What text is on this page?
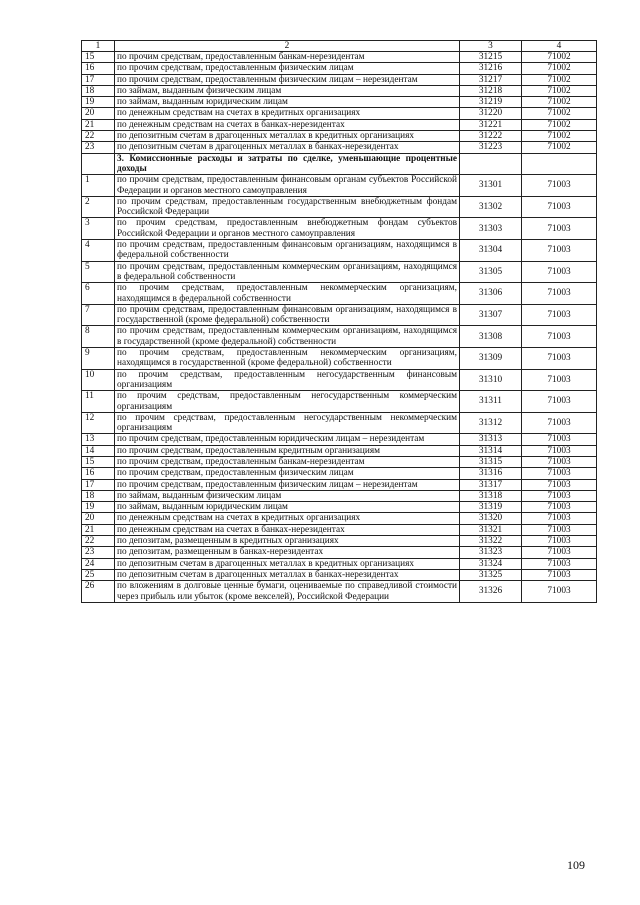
1	2	3	4
15	по прочим средствам, предоставленным банкам-нерезидентам	31215	71002
16	по прочим средствам, предоставленным физическим лицам	31216	71002
17	по прочим средствам, предоставленным физическим лицам – нерезидентам	31217	71002
18	по займам, выданным физическим лицам	31218	71002
19	по займам, выданным юридическим лицам	31219	71002
20	по денежным средствам на счетах в кредитных организациях	31220	71002
21	по денежным средствам на счетах в банках-нерезидентах	31221	71002
22	по депозитным счетам в драгоценных металлах в кредитных организациях	31222	71002
23	по депозитным счетам в драгоценных металлах в банках-нерезидентах	31223	71002
	3. Комиссионные расходы и затраты по сделке, уменьшающие процентные доходы		
1	по прочим средствам, предоставленным финансовым органам субъектов Российской Федерации и органов местного самоуправления	31301	71003
2	по прочим средствам, предоставленным государственным внебюджетным фондам Российской Федерации	31302	71003
3	по прочим средствам, предоставленным внебюджетным фондам субъектов Российской Федерации и органов местного самоуправления	31303	71003
4	по прочим средствам, предоставленным финансовым организациям, находящимся в федеральной собственности	31304	71003
5	по прочим средствам, предоставленным коммерческим организациям, находящимся в федеральной собственности	31305	71003
6	по прочим средствам, предоставленным некоммерческим организациям, находящимся в федеральной собственности	31306	71003
7	по прочим средствам, предоставленным финансовым организациям, находящимся в государственной (кроме федеральной) собственности	31307	71003
8	по прочим средствам, предоставленным коммерческим организациям, находящимся в государственной (кроме федеральной) собственности	31308	71003
9	по прочим средствам, предоставленным некоммерческим организациям, находящимся в государственной (кроме федеральной) собственности	31309	71003
10	по прочим средствам, предоставленным негосударственным финансовым организациям	31310	71003
11	по прочим средствам, предоставленным негосударственным коммерческим организациям	31311	71003
12	по прочим средствам, предоставленным негосударственным некоммерческим организациям	31312	71003
13	по прочим средствам, предоставленным юридическим лицам – нерезидентам	31313	71003
14	по прочим средствам, предоставленным кредитным организациям	31314	71003
15	по прочим средствам, предоставленным банкам-нерезидентам	31315	71003
16	по прочим средствам, предоставленным физическим лицам	31316	71003
17	по прочим средствам, предоставленным физическим лицам – нерезидентам	31317	71003
18	по займам, выданным физическим лицам	31318	71003
19	по займам, выданным юридическим лицам	31319	71003
20	по денежным средствам на счетах в кредитных организациях	31320	71003
21	по денежным средствам на счетах в банках-нерезидентах	31321	71003
22	по депозитам, размещенным в кредитных организациях	31322	71003
23	по депозитам, размещенным в банках-нерезидентах	31323	71003
24	по депозитным счетам в драгоценных металлах в кредитных организациях	31324	71003
25	по депозитным счетам в драгоценных металлах в банках-нерезидентах	31325	71003
26	по вложениям в долговые ценные бумаги, оцениваемые по справедливой стоимости через прибыль или убыток (кроме векселей), Российской Федерации	31326	71003
109
